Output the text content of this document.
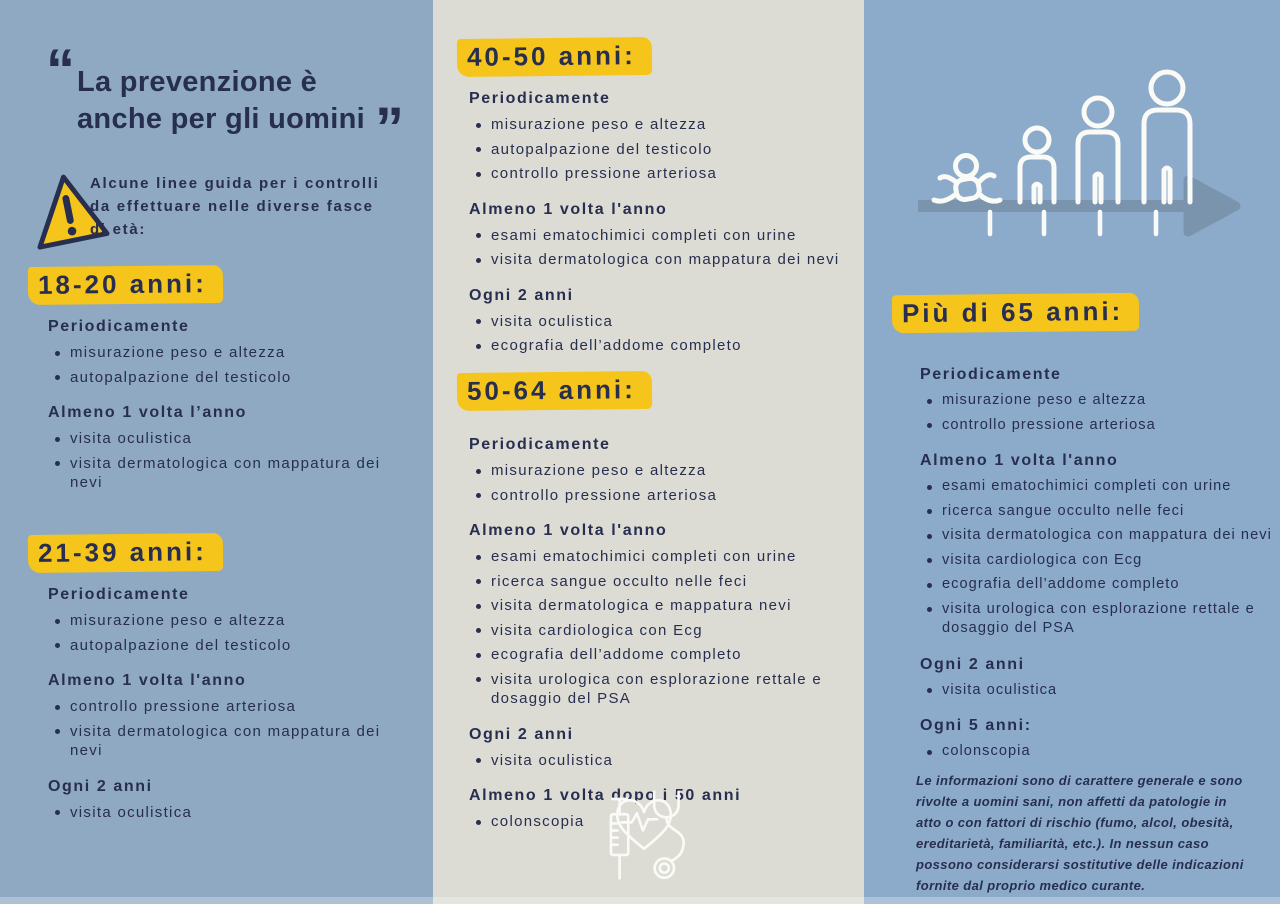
“ La prevenzione è
anche per gli uomini ”
Alcune linee guida per i controlli
da effettuare nelle diverse fasce
di età:
18-20 anni:
Periodicamente
misurazione peso e altezza
autopalpazione del testicolo
Almeno 1 volta l’anno
visita oculistica
visita dermatologica con mappatura dei nevi
21-39 anni:
Periodicamente
misurazione peso e altezza
autopalpazione del testicolo
Almeno 1 volta l'anno
controllo pressione arteriosa
visita dermatologica con mappatura dei nevi
Ogni 2 anni
visita oculistica
40-50 anni:
Periodicamente
misurazione peso e altezza
autopalpazione del testicolo
controllo pressione arteriosa
Almeno 1 volta l'anno
esami ematochimici completi con urine
visita dermatologica con mappatura dei nevi
Ogni 2 anni
visita oculistica
ecografia dell’addome completo
50-64 anni:
Periodicamente
misurazione peso e altezza
controllo pressione arteriosa
Almeno 1 volta l'anno
esami ematochimici completi con urine
ricerca sangue occulto nelle feci
visita dermatologica e mappatura nevi
visita cardiologica con Ecg
ecografia dell’addome completo
visita urologica con esplorazione rettale e dosaggio del PSA
Ogni 2 anni
visita oculistica
Almeno 1 volta dopo i 50 anni
colonscopia
Più di 65 anni:
Periodicamente
misurazione peso e altezza
controllo pressione arteriosa
Almeno 1 volta l'anno
esami ematochimici completi con urine
ricerca sangue occulto nelle feci
visita dermatologica con mappatura dei nevi
visita cardiologica con Ecg
ecografia dell’addome completo
visita urologica con esplorazione rettale e dosaggio del PSA
Ogni 2 anni
visita oculistica
Ogni 5 anni:
colonscopia
Le informazioni sono di carattere generale e sono rivolte a uomini sani, non affetti da patologie in atto o con fattori di rischio (fumo, alcol, obesità, ereditarietà, familiarità, etc.). In nessun caso possono considerarsi sostitutive delle indicazioni fornite dal proprio medico curante.
